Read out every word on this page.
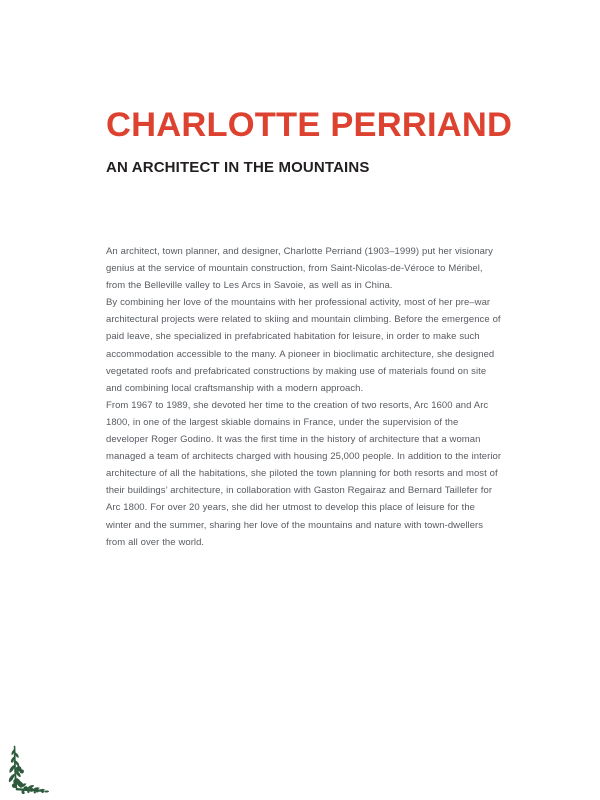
CHARLOTTE PERRIAND
AN ARCHITECT IN THE MOUNTAINS

An architect, town planner, and designer, Charlotte Perriand (1903–1999) put her visionary genius at the service of mountain construction, from Saint-Nicolas-de-Véroce to Méribel, from the Belleville valley to Les Arcs in Savoie, as well as in China.

By combining her love of the mountains with her professional activity, most of her pre–war architectural projects were related to skiing and mountain climbing. Before the emergence of paid leave, she specialized in prefabricated habitation for leisure, in order to make such accommodation accessible to the many. A pioneer in bioclimatic architecture, she designed vegetated roofs and prefabricated constructions by making use of materials found on site and combining local craftsmanship with a modern approach.

From 1967 to 1989, she devoted her time to the creation of two resorts, Arc 1600 and Arc 1800, in one of the largest skiable domains in France, under the supervision of the developer Roger Godino. It was the first time in the history of architecture that a woman managed a team of architects charged with housing 25,000 people. In addition to the interior architecture of all the habitations, she piloted the town planning for both resorts and most of their buildings’ architecture, in collaboration with Gaston Regairaz and Bernard Taillefer for Arc 1800. For over 20 years, she did her utmost to develop this place of leisure for the winter and the summer, sharing her love of the mountains and nature with town-dwellers from all over the world.
